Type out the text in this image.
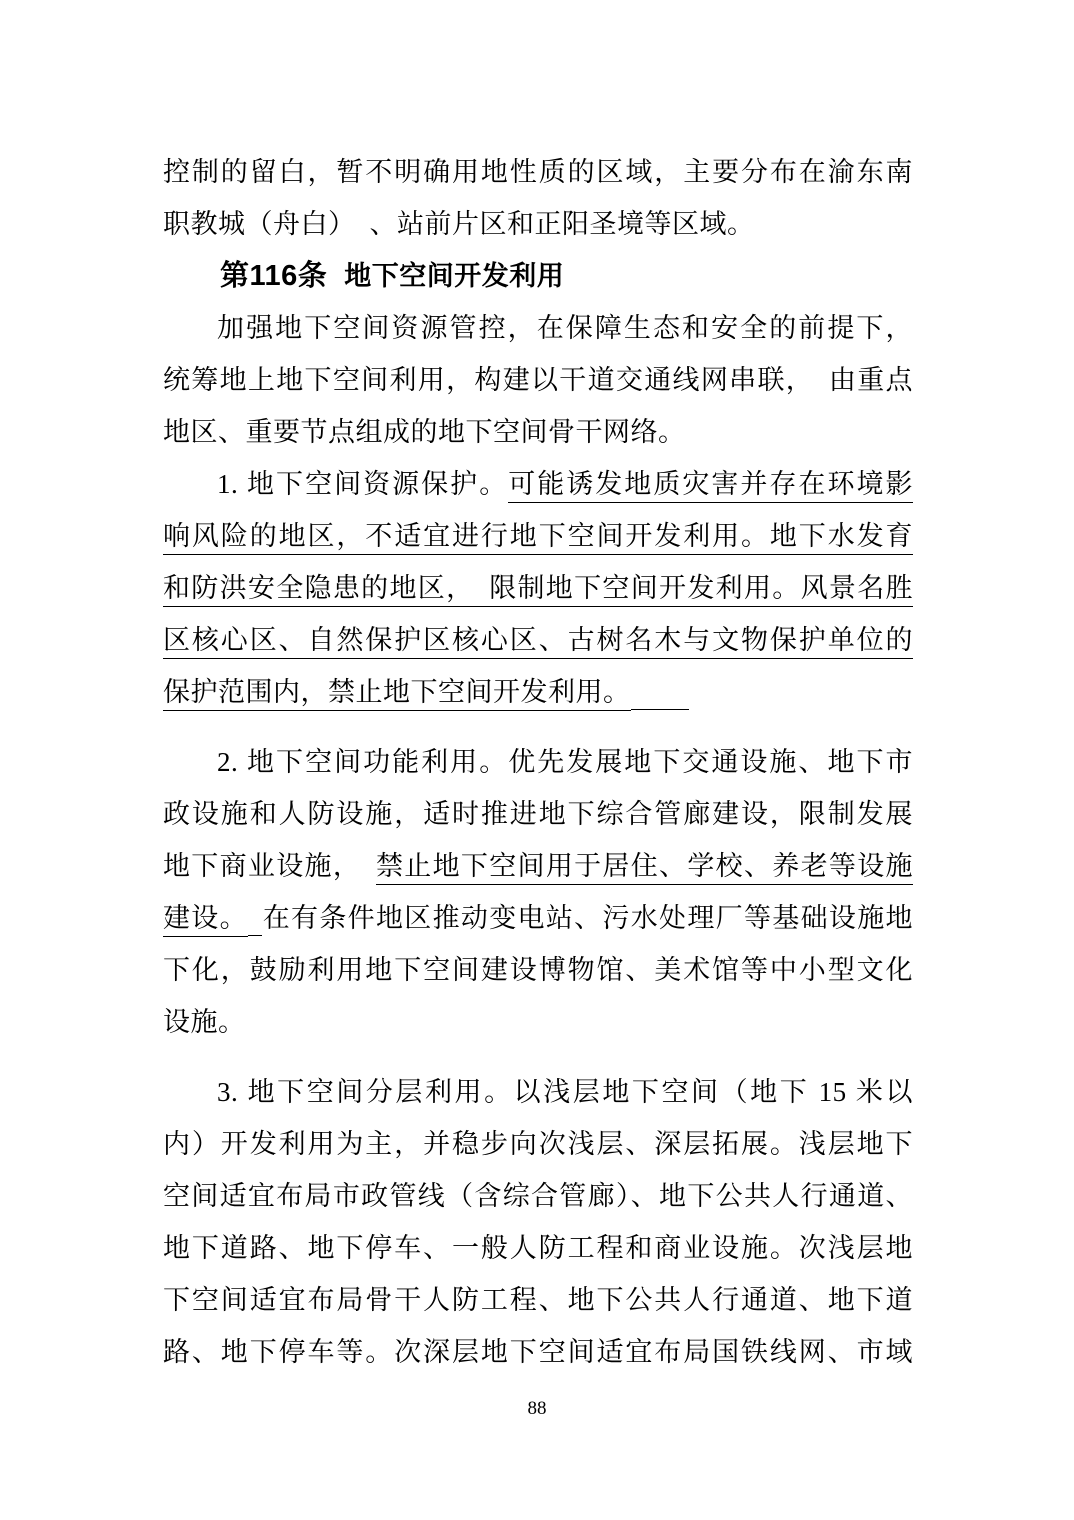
控制的留白，暂不明确用地性质的区域，主要分布在渝东南
职教城（舟白）　、站前片区和正阳圣境等区域。
第116条 地下空间开发利用
加强地下空间资源管控，在保障生态和安全的前提下，
统筹地上地下空间利用，构建以干道交通线网串联，　由重点
地区、重要节点组成的地下空间骨干网络。
1. 地下空间资源保护。可能诱发地质灾害并存在环境影
响风险的地区，不适宜进行地下空间开发利用。地下水发育
和防洪安全隐患的地区，　限制地下空间开发利用。风景名胜
区核心区、自然保护区核心区、古树名木与文物保护单位的
保护范围内，禁止地下空间开发利用。
2. 地下空间功能利用。优先发展地下交通设施、地下市
政设施和人防设施，适时推进地下综合管廊建设，限制发展
地下商业设施，　禁止地下空间用于居住、学校、养老等设施
建设。 在有条件地区推动变电站、污水处理厂等基础设施地
下化，鼓励利用地下空间建设博物馆、美术馆等中小型文化
设施。
3. 地下空间分层利用。以浅层地下空间（地下 15 米以
内）开发利用为主，并稳步向次浅层、深层拓展。浅层地下
空间适宜布局市政管线（含综合管廊）、地下公共人行通道、
地下道路、地下停车、一般人防工程和商业设施。次浅层地
下空间适宜布局骨干人防工程、地下公共人行通道、地下道
路、地下停车等。次深层地下空间适宜布局国铁线网、市域
88
